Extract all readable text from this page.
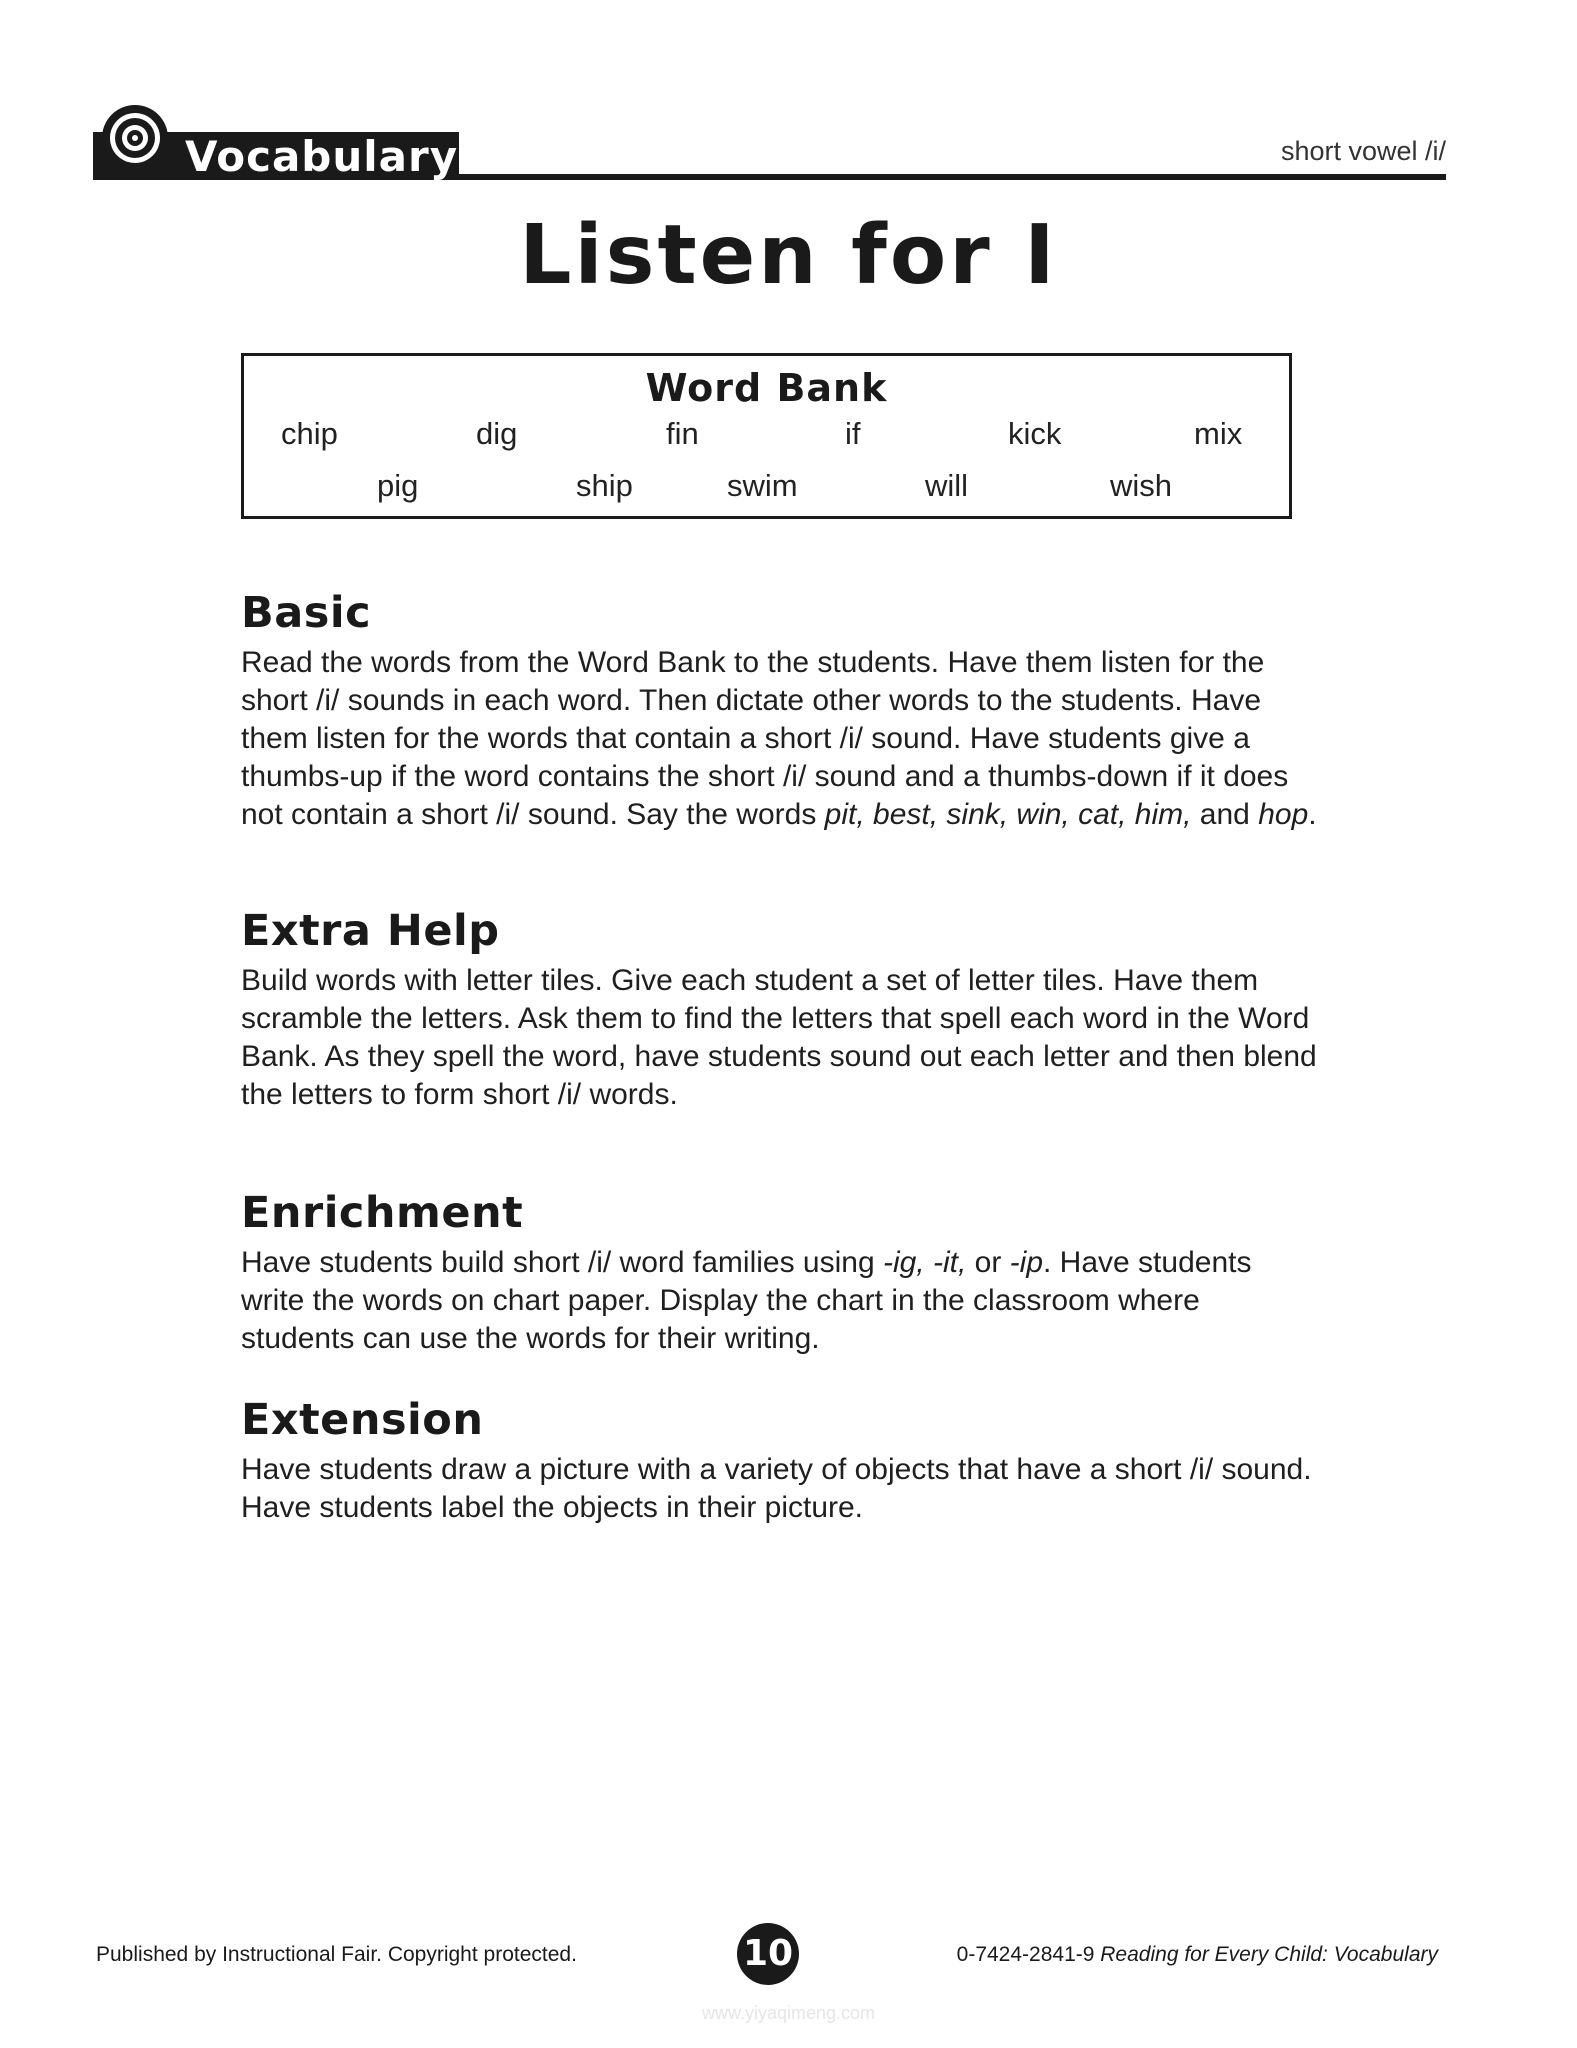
Vocabulary	short vowel /i/
Listen for I
Word Bank
chip	dig	fin	if	kick	mix
pig	ship	swim	will	wish
Basic

Read the words from the Word Bank to the students. Have them listen for the short /i/ sounds in each word. Then dictate other words to the students. Have them listen for the words that contain a short /i/ sound. Have students give a thumbs-up if the word contains the short /i/ sound and a thumbs-down if it does not contain a short /i/ sound. Say the words pit, best, sink, win, cat, him, and hop.

Extra Help

Build words with letter tiles. Give each student a set of letter tiles. Have them scramble the letters. Ask them to find the letters that spell each word in the Word Bank. As they spell the word, have students sound out each letter and then blend the letters to form short /i/ words.

Enrichment

Have students build short /i/ word families using -ig, -it, or -ip. Have students write the words on chart paper. Display the chart in the classroom where students can use the words for their writing.

Extension

Have students draw a picture with a variety of objects that have a short /i/ sound. Have students label the objects in their picture.

Published by Instructional Fair. Copyright protected.	10	0-7424-2841-9 Reading for Every Child: Vocabulary
www.yiyaqimeng.com
